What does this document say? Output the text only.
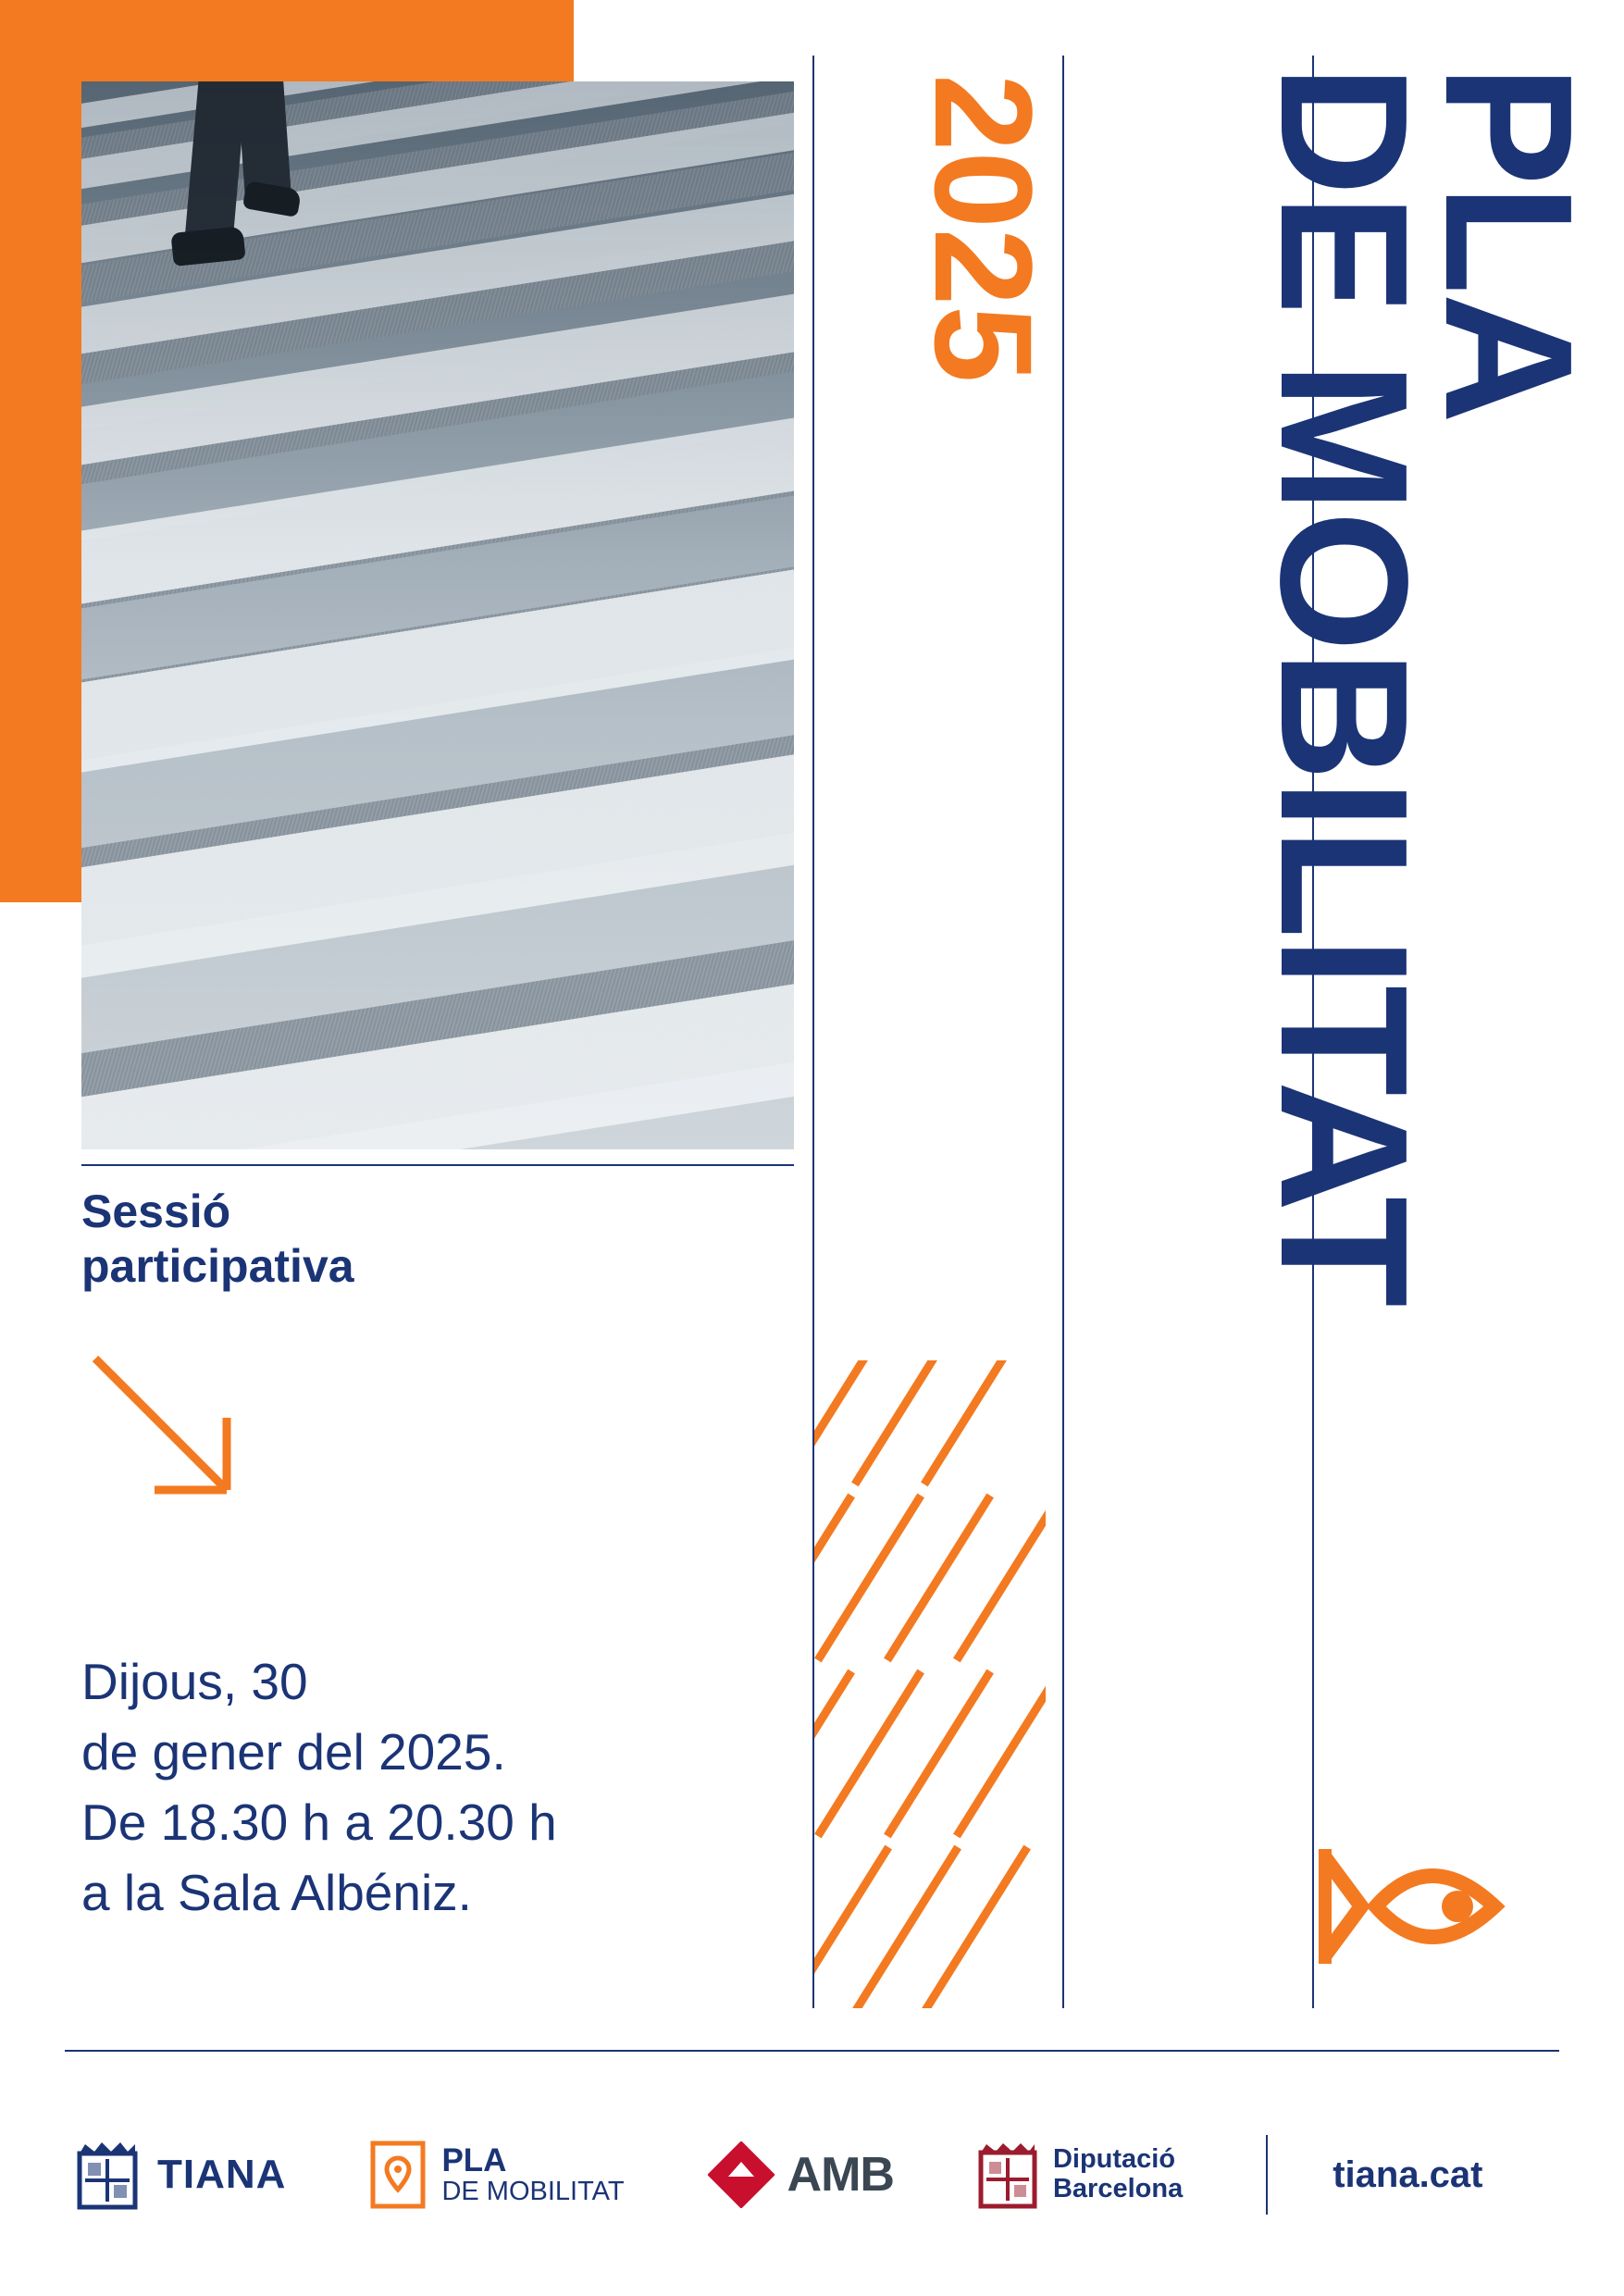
PLA
DE MOBILITAT
2025
Sessió
participativa
Dijous, 30
de gener del 2025.
De 18.30 h a 20.30 h
a la Sala Albéniz.
TIANA	PLA
DE MOBILITAT	AMB	Diputació
Barcelona	tiana.cat
